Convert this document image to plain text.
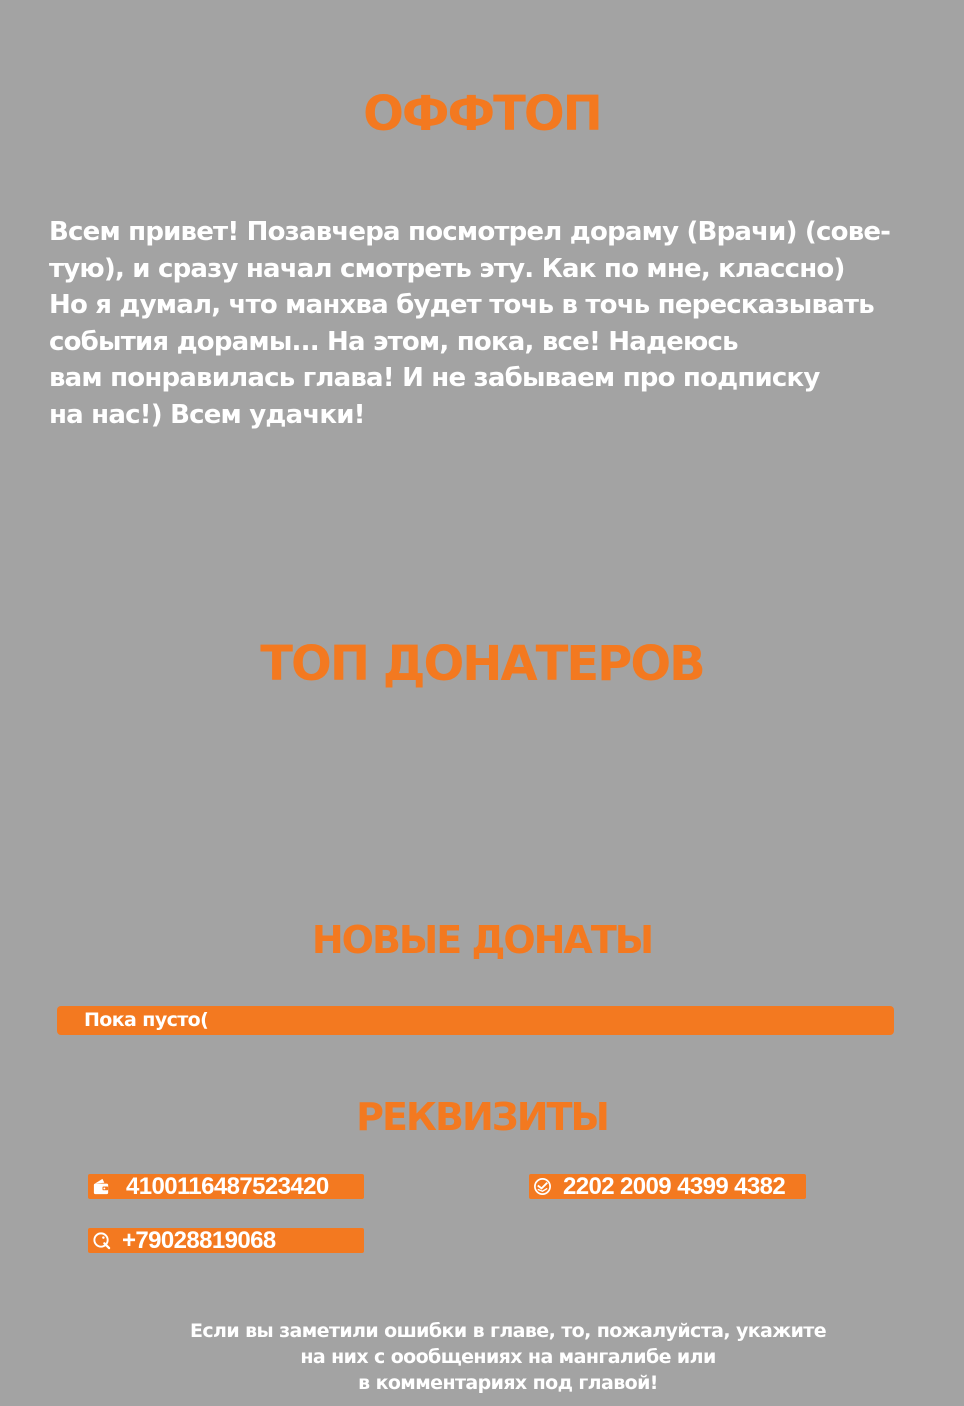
ОФФТОП

Всем привет! Позавчера посмотрел дораму (Врачи) (сове-
тую), и сразу начал смотреть эту. Как по мне, классно)
Но я думал, что манхва будет точь в точь пересказывать
события дорамы... На этом, пока, все! Надеюсь
вам понравилась глава! И не забываем про подписку
на нас!) Всем удачки!

ТОП ДОНАТЕРОВ
НОВЫЕ ДОНАТЫ
Пока пусто(
РЕКВИЗИТЫ
4100116487523420	2202 2009 4399 4382
+79028819068

Если вы заметили ошибки в главе, то, пожалуйста, укажите
на них с оообщениях на мангалибе или
в комментариях под главой!
